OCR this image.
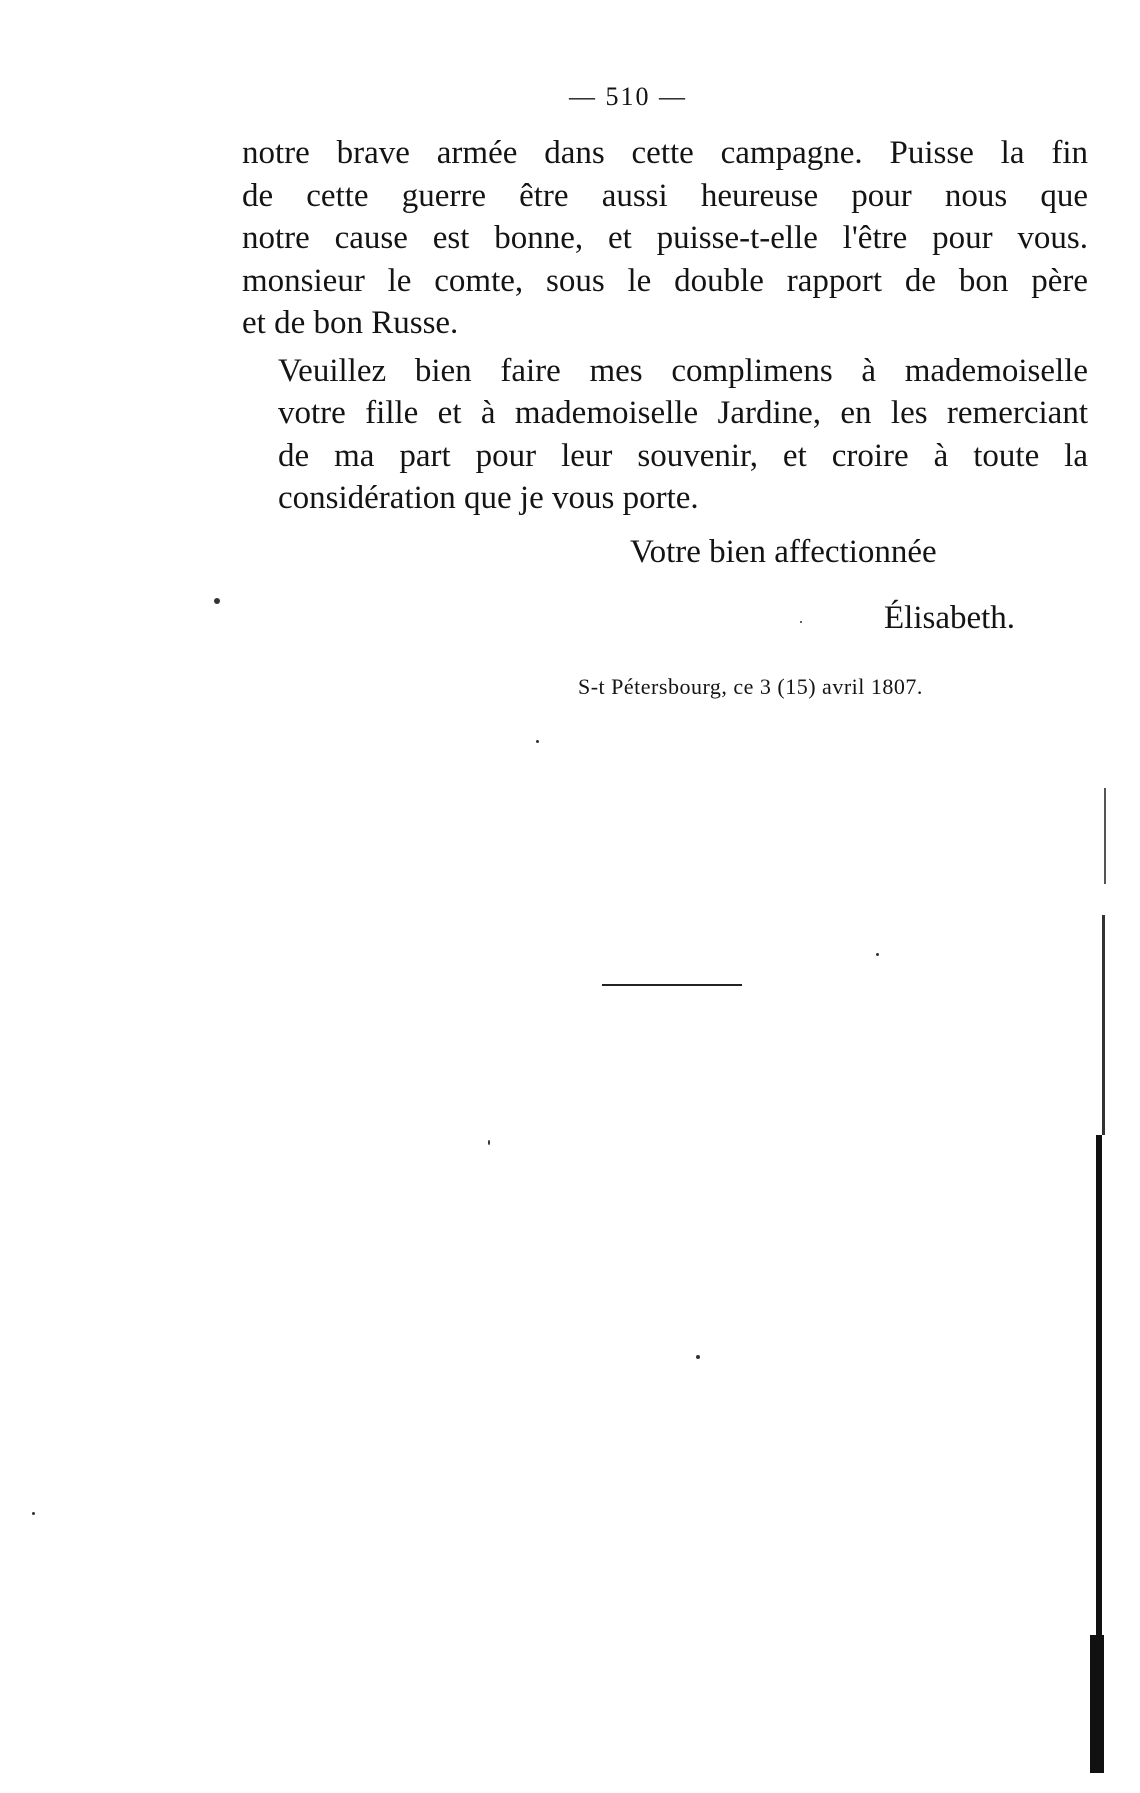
— 510 —

notre brave armée dans cette campagne. Puisse la fin
de cette guerre être aussi heureuse pour nous que
notre cause est bonne, et puisse-t-elle l'être pour vous.
monsieur le comte, sous le double rapport de bon père
et de bon Russe.

Veuillez bien faire mes complimens à mademoiselle
votre fille et à mademoiselle Jardine, en les remerciant
de ma part pour leur souvenir, et croire à toute la
considération que je vous porte.

Votre bien affectionnée
Élisabeth.
S-t Pétersbourg, ce 3 (15) avril 1807.
